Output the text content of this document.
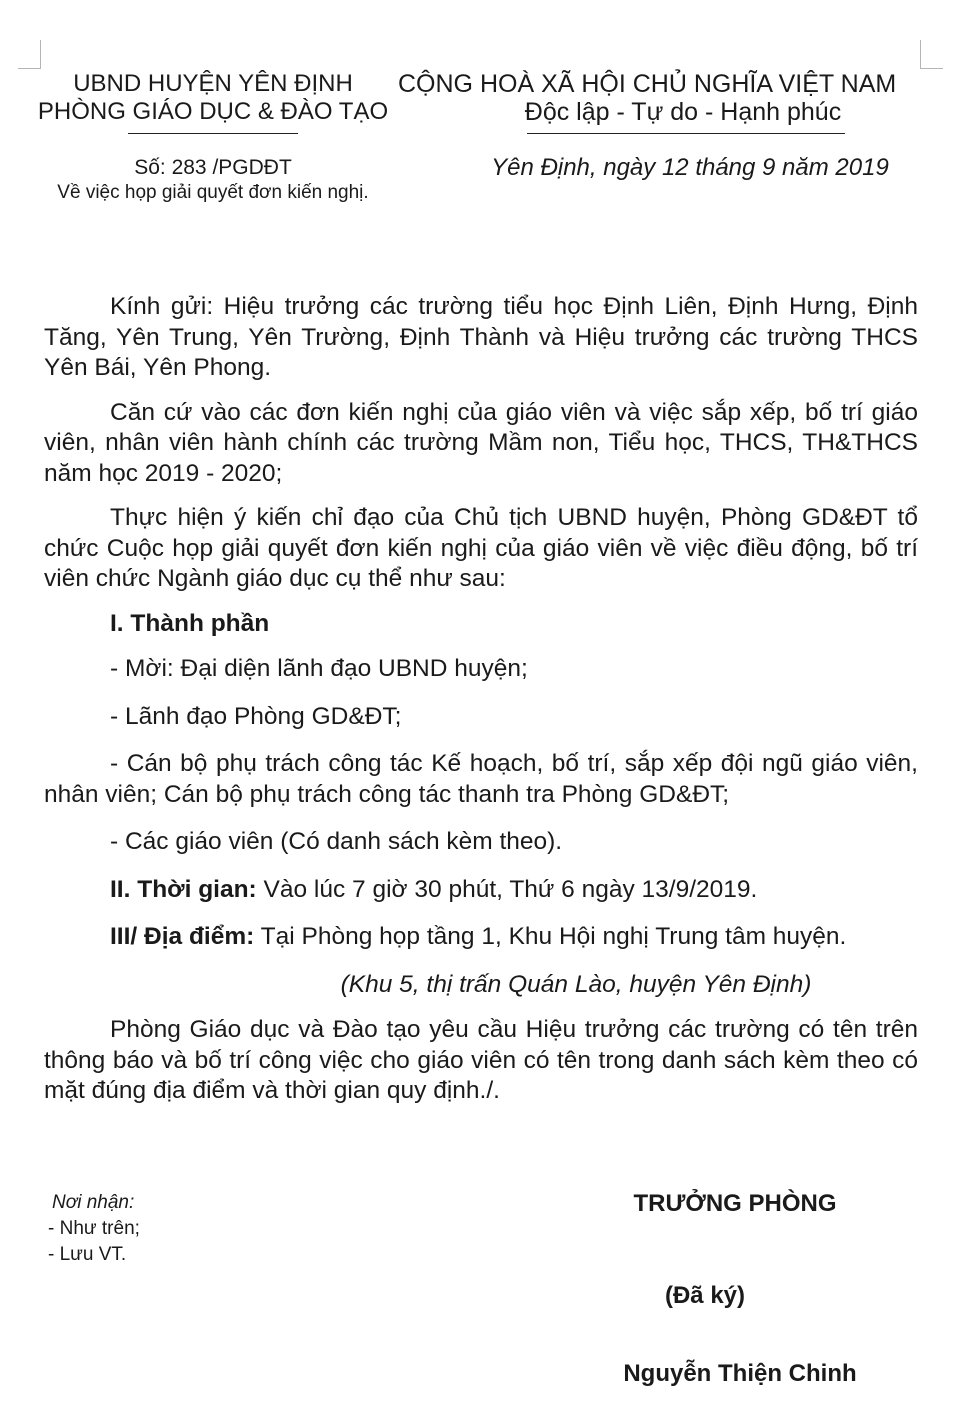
UBND HUYỆN YÊN ĐỊNH
PHÒNG GIÁO DỤC & ĐÀO TẠO
CỘNG HOÀ XÃ HỘI CHỦ NGHĨA VIỆT NAM
Độc lập - Tự do - Hạnh phúc
Số: 283 /PGDĐT
Về việc họp giải quyết đơn kiến nghị.
Yên Định, ngày 12 tháng 9 năm 2019

Kính gửi: Hiệu trưởng các trường tiểu học Định Liên, Định Hưng, Định Tăng, Yên Trung, Yên Trường, Định Thành và Hiệu trưởng các trường THCS Yên Bái, Yên Phong.

Căn cứ vào các đơn kiến nghị của giáo viên và việc sắp xếp, bố trí giáo viên, nhân viên hành chính các trường Mầm non, Tiểu học, THCS, TH&THCS năm học 2019 - 2020;

Thực hiện ý kiến chỉ đạo của Chủ tịch UBND huyện, Phòng GD&ĐT tổ chức Cuộc họp giải quyết đơn kiến nghị của giáo viên về việc điều động, bố trí viên chức Ngành giáo dục cụ thể như sau:

I. Thành phần

- Mời: Đại diện lãnh đạo UBND huyện;

- Lãnh đạo Phòng GD&ĐT;

- Cán bộ phụ trách công tác Kế hoạch, bố trí, sắp xếp đội ngũ giáo viên, nhân viên; Cán bộ phụ trách công tác thanh tra Phòng GD&ĐT;

- Các giáo viên (Có danh sách kèm theo).

II. Thời gian: Vào lúc 7 giờ 30 phút, Thứ 6 ngày 13/9/2019.

III/ Địa điểm: Tại Phòng họp tầng 1, Khu Hội nghị Trung tâm huyện.

(Khu 5, thị trấn Quán Lào, huyện Yên Định)

Phòng Giáo dục và Đào tạo yêu cầu Hiệu trưởng các trường có tên trên thông báo và bố trí công việc cho giáo viên có tên trong danh sách kèm theo có mặt đúng địa điểm và thời gian quy định./.

Nơi nhận:
- Như trên;
- Lưu VT.
TRƯỞNG PHÒNG
(Đã ký)
Nguyễn Thiện Chinh
